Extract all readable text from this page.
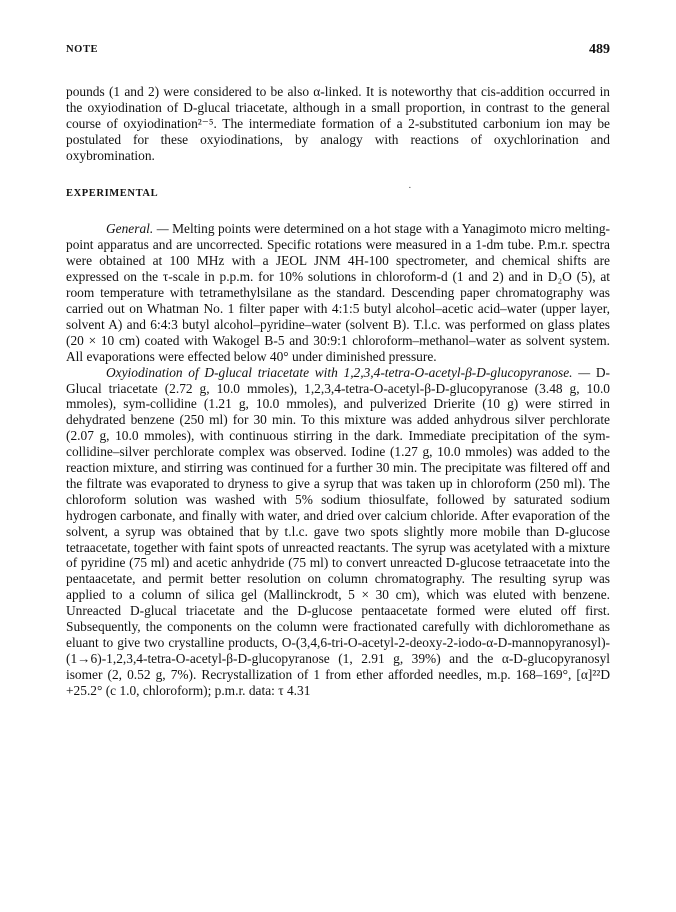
NOTE	489
·

pounds (1 and 2) were considered to be also α-linked. It is noteworthy that cis-addition occurred in the oxyiodination of D-glucal triacetate, although in a small proportion, in contrast to the general course of oxyiodination²⁻⁵. The intermediate formation of a 2-substituted carbonium ion may be postulated for these oxyiodinations, by analogy with reactions of oxychlorination and oxybromination.

EXPERIMENTAL

General. — Melting points were determined on a hot stage with a Yanagimoto micro melting-point apparatus and are uncorrected. Specific rotations were measured in a 1-dm tube. P.m.r. spectra were obtained at 100 MHz with a JEOL JNM 4H-100 spectrometer, and chemical shifts are expressed on the τ-scale in p.p.m. for 10% solutions in chloroform-d (1 and 2) and in D₂O (5), at room temperature with tetramethylsilane as the standard. Descending paper chromatography was carried out on Whatman No. 1 filter paper with 4:1:5 butyl alcohol–acetic acid–water (upper layer, solvent A) and 6:4:3 butyl alcohol–pyridine–water (solvent B). T.l.c. was performed on glass plates (20 × 10 cm) coated with Wakogel B-5 and 30:9:1 chloroform–methanol–water as solvent system. All evaporations were effected below 40° under diminished pressure.

Oxyiodination of D-glucal triacetate with 1,2,3,4-tetra-O-acetyl-β-D-glucopyranose. — D-Glucal triacetate (2.72 g, 10.0 mmoles), 1,2,3,4-tetra-O-acetyl-β-D-glucopyranose (3.48 g, 10.0 mmoles), sym-collidine (1.21 g, 10.0 mmoles), and pulverized Drierite (10 g) were stirred in dehydrated benzene (250 ml) for 30 min. To this mixture was added anhydrous silver perchlorate (2.07 g, 10.0 mmoles), with continuous stirring in the dark. Immediate precipitation of the sym-collidine–silver perchlorate complex was observed. Iodine (1.27 g, 10.0 mmoles) was added to the reaction mixture, and stirring was continued for a further 30 min. The precipitate was filtered off and the filtrate was evaporated to dryness to give a syrup that was taken up in chloroform (250 ml). The chloroform solution was washed with 5% sodium thiosulfate, followed by saturated sodium hydrogen carbonate, and finally with water, and dried over calcium chloride. After evaporation of the solvent, a syrup was obtained that by t.l.c. gave two spots slightly more mobile than D-glucose tetraacetate, together with faint spots of unreacted reactants. The syrup was acetylated with a mixture of pyridine (75 ml) and acetic anhydride (75 ml) to convert unreacted D-glucose tetraacetate into the pentaacetate, and permit better resolution on column chromatography. The resulting syrup was applied to a column of silica gel (Mallinckrodt, 5 × 30 cm), which was eluted with benzene. Unreacted D-glucal triacetate and the D-glucose pentaacetate formed were eluted off first. Subsequently, the components on the column were fractionated carefully with dichloromethane as eluant to give two crystalline products, O-(3,4,6-tri-O-acetyl-2-deoxy-2-iodo-α-D-mannopyranosyl)-(1→6)-1,2,3,4-tetra-O-acetyl-β-D-glucopyranose (1, 2.91 g, 39%) and the α-D-glucopyranosyl isomer (2, 0.52 g, 7%). Recrystallization of 1 from ether afforded needles, m.p. 168–169°, [α]²²D +25.2° (c 1.0, chloroform); p.m.r. data: τ 4.31
